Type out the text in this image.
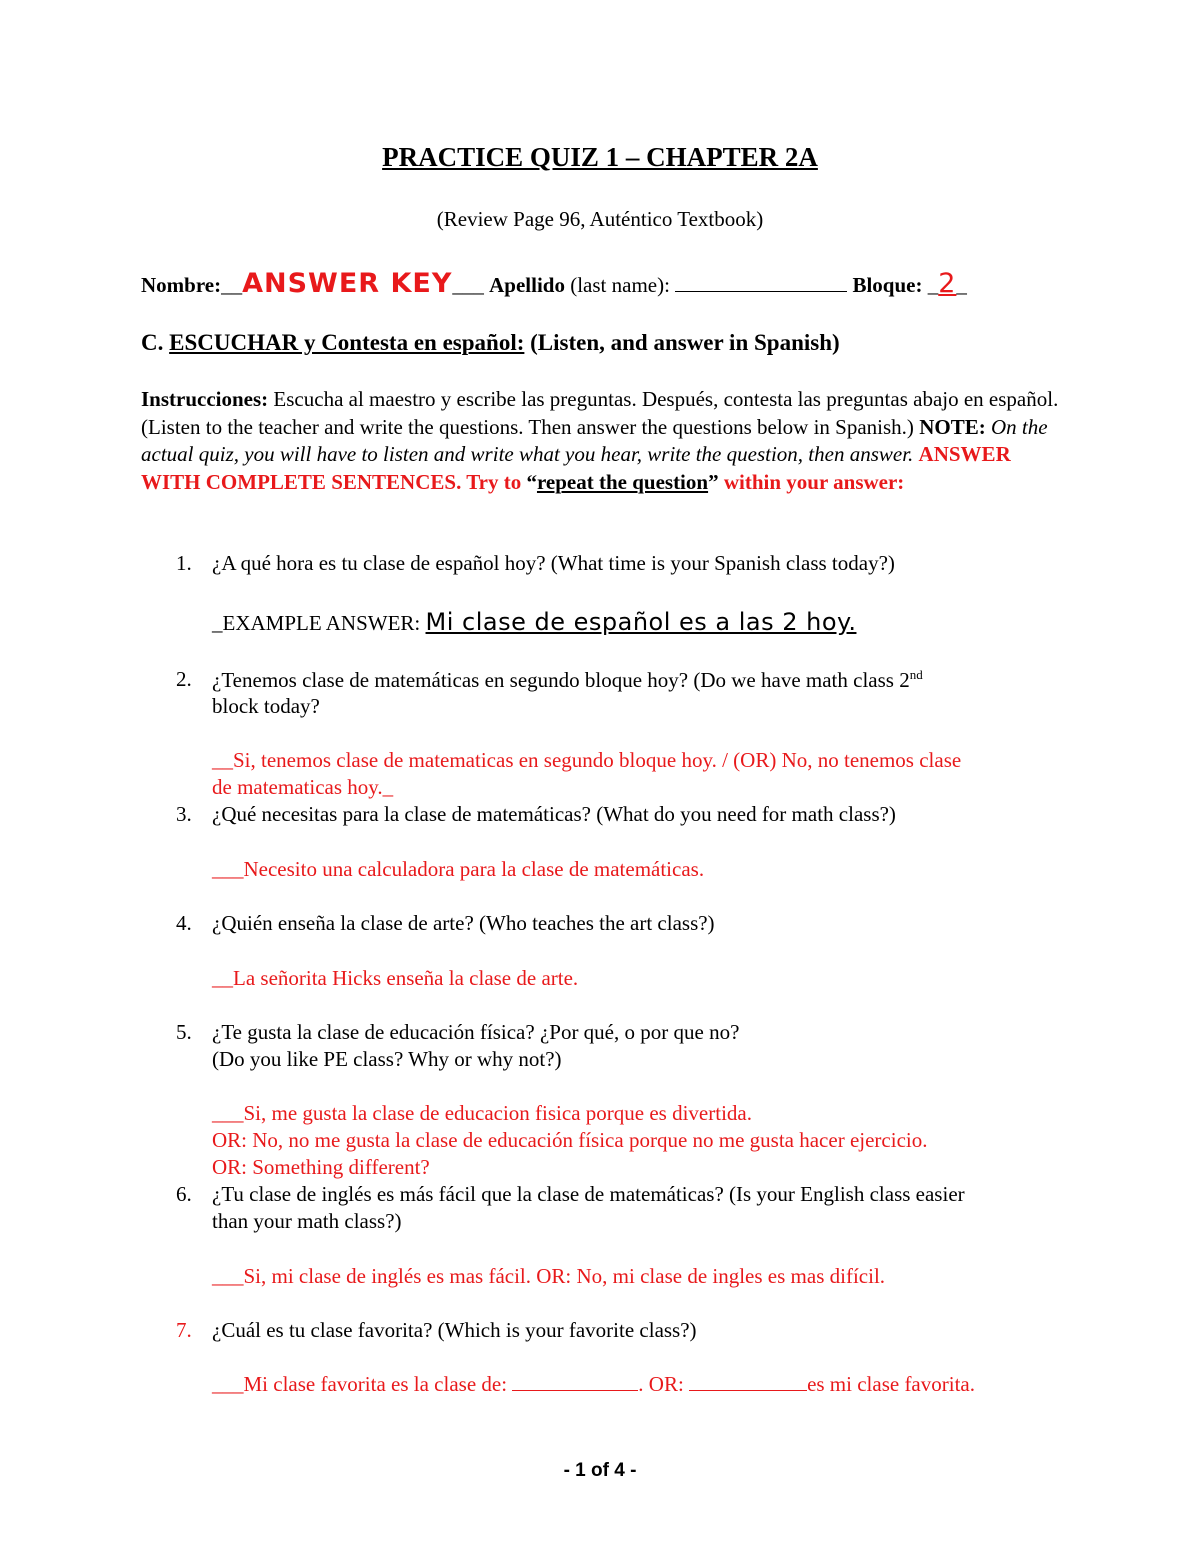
PRACTICE QUIZ 1 – CHAPTER 2A
(Review Page 96, Auténtico Textbook)
Nombre:__ANSWER KEY___ Apellido (last name):	Bloque: _2_
C. ESCUCHAR y Contesta en español: (Listen, and answer in Spanish)
Instrucciones: Escucha al maestro y escribe las preguntas. Después, contesta las preguntas abajo en español. (Listen to the teacher and write the questions. Then answer the questions below in Spanish.) NOTE: On the actual quiz, you will have to listen and write what you hear, write the question, then answer. ANSWER WITH COMPLETE SENTENCES. Try to “repeat the question” within your answer:
1. ¿A qué hora es tu clase de español hoy? (What time is your Spanish class today?)
_EXAMPLE ANSWER: Mi clase de español es a las 2 hoy.
2. ¿Tenemos clase de matemáticas en segundo bloque hoy? (Do we have math class 2nd
block today?
__Si, tenemos clase de matematicas en segundo bloque hoy. / (OR) No, no tenemos clase
de matematicas hoy._
3. ¿Qué necesitas para la clase de matemáticas? (What do you need for math class?)
___Necesito una calculadora para la clase de matemáticas.
4. ¿Quién enseña la clase de arte? (Who teaches the art class?)
__La señorita Hicks enseña la clase de arte.
5. ¿Te gusta la clase de educación física? ¿Por qué, o por que no?
(Do you like PE class? Why or why not?)
___Si, me gusta la clase de educacion fisica porque es divertida.
OR: No, no me gusta la clase de educación física porque no me gusta hacer ejercicio.
OR: Something different?
6. ¿Tu clase de inglés es más fácil que la clase de matemáticas? (Is your English class easier
than your math class?)
___Si, mi clase de inglés es mas fácil. OR: No, mi clase de ingles es mas difícil.
7. ¿Cuál es tu clase favorita? (Which is your favorite class?)
___Mi clase favorita es la clase de:	. OR:	es mi clase favorita.
- 1 of 4 -
